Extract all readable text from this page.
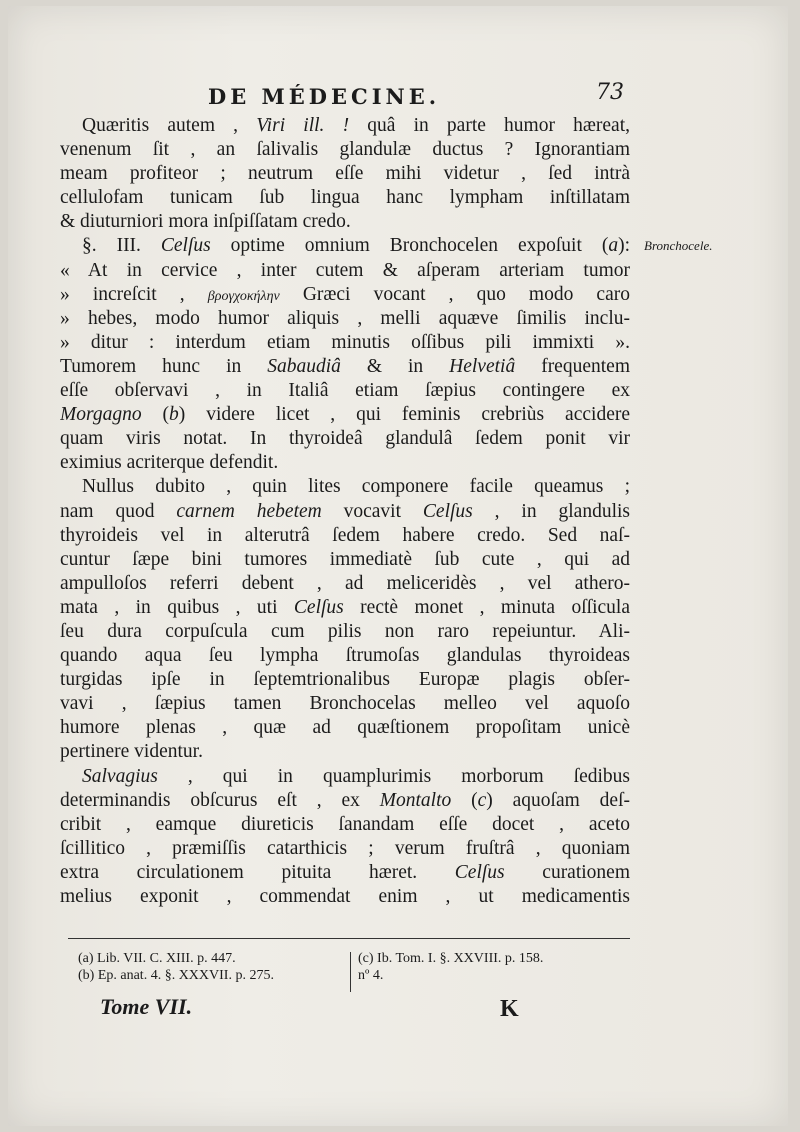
DE MÉDECINE.	73
Quæritis autem , Viri ill. ! quâ in parte humor hæreat,
venenum ſit , an ſalivalis glandulæ ductus ? Ignorantiam
meam profiteor ; neutrum eſſe mihi videtur , ſed intrà
cellulofam tunicam ſub lingua hanc lympham inſtillatam
& diuturniori mora inſpiſſatam credo.
§. III. Celſus optime omnium Bronchocelen expoſuit (a):
« At in cervice , inter cutem & aſperam arteriam tumor
» increſcit , βρογχοκήλην Græci vocant , quo modo caro
» hebes, modo humor aliquis , melli aquæve ſimilis inclu-
» ditur : interdum etiam minutis oſſibus pili immixti ».
Tumorem hunc in Sabaudiâ & in Helvetiâ frequentem
eſſe obſervavi , in Italiâ etiam ſæpius contingere ex
Morgagno (b) videre licet , qui feminis crebriùs accidere
quam viris notat. In thyroideâ glandulâ ſedem ponit vir
eximius acriterque defendit.
Nullus dubito , quin lites componere facile queamus ;
nam quod carnem hebetem vocavit Celſus , in glandulis
thyroideis vel in alterutrâ ſedem habere credo. Sed naſ-
cuntur ſæpe bini tumores immediatè ſub cute , qui ad
ampulloſos referri debent , ad meliceridès , vel athero-
mata , in quibus , uti Celſus rectè monet , minuta oſſicula
ſeu dura corpuſcula cum pilis non raro repeiuntur. Ali-
quando aqua ſeu lympha ſtrumoſas glandulas thyroideas
turgidas ipſe in ſeptemtrionalibus Europæ plagis obſer-
vavi , ſæpius tamen Bronchocelas melleo vel aquoſo
humore plenas , quæ ad quæſtionem propoſitam unicè
pertinere videntur.
Salvagius , qui in quamplurimis morborum ſedibus
determinandis obſcurus eſt , ex Montalto (c) aquoſam deſ-
cribit , eamque diureticis ſanandam eſſe docet , aceto
ſcillitico , præmiſſis catarthicis ; verum fruſtrâ , quoniam
extra circulationem pituita hæret. Celſus curationem
melius exponit , commendat enim , ut medicamentis
Bronchocele.
(a) Lib. VII. C. XIII. p. 447.
(b) Ep. anat. 4. §. XXXVII. p. 275.
(c) Ib. Tom. I. §. XXVIII. p. 158.
nº 4.
Tome VII.	K
